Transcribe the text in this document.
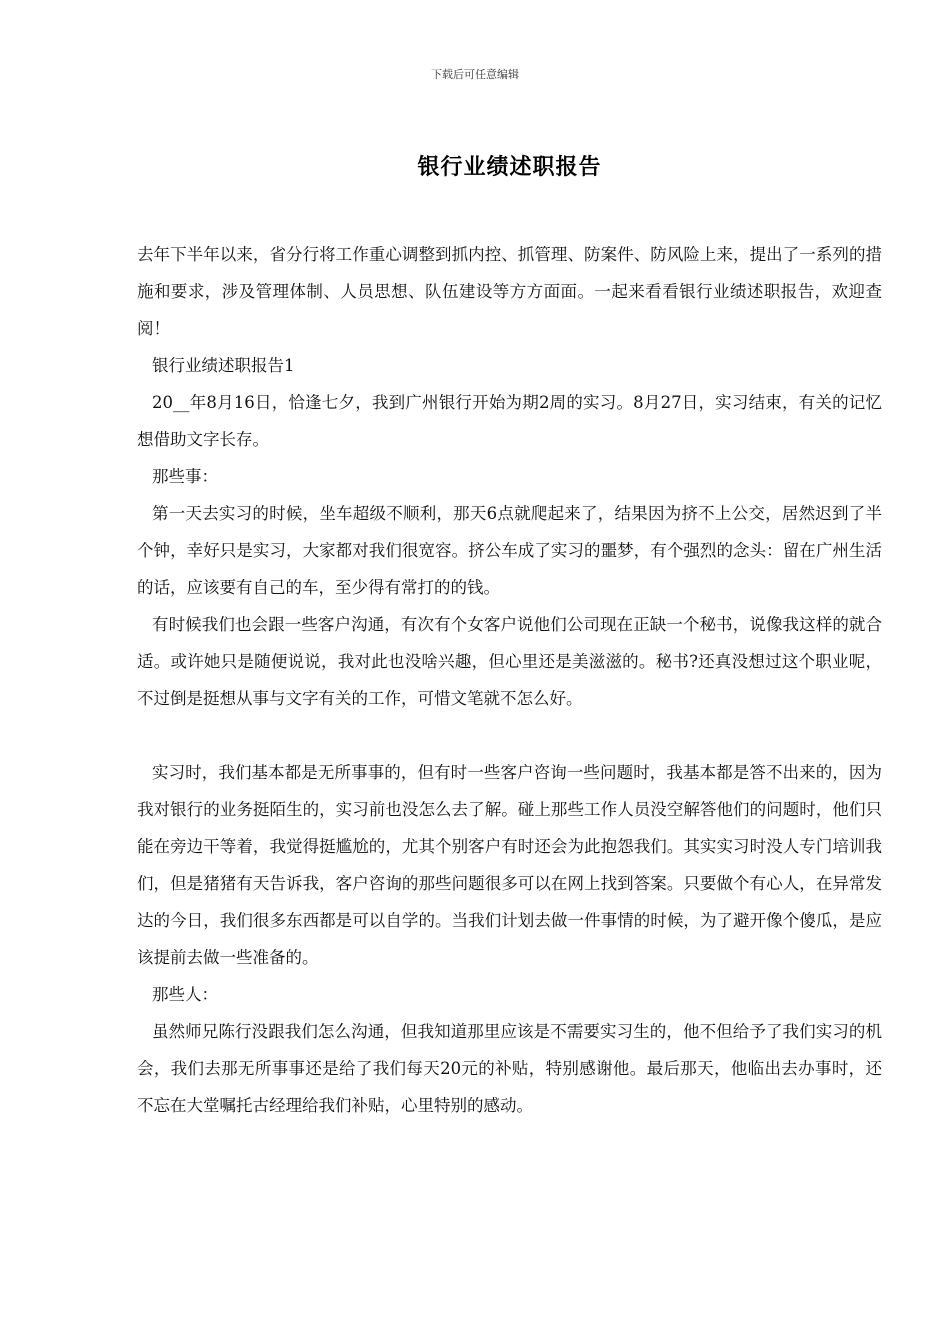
下载后可任意编辑
银行业绩述职报告

去年下半年以来，省分行将工作重心调整到抓内控、抓管理、防案件、防风险上来，提出了一系列的措施和要求，涉及管理体制、人员思想、队伍建设等方方面面。一起来看看银行业绩述职报告，欢迎查阅！

银行业绩述职报告1

20__年8月16日，恰逢七夕，我到广州银行开始为期2周的实习。8月27日，实习结束，有关的记忆想借助文字长存。

那些事：

第一天去实习的时候，坐车超级不顺利，那天6点就爬起来了，结果因为挤不上公交，居然迟到了半个钟，幸好只是实习，大家都对我们很宽容。挤公车成了实习的噩梦，有个强烈的念头：留在广州生活的话，应该要有自己的车，至少得有常打的的钱。

有时候我们也会跟一些客户沟通，有次有个女客户说他们公司现在正缺一个秘书，说像我这样的就合适。或许她只是随便说说，我对此也没啥兴趣，但心里还是美滋滋的。秘书?还真没想过这个职业呢，不过倒是挺想从事与文字有关的工作，可惜文笔就不怎么好。

实习时，我们基本都是无所事事的，但有时一些客户咨询一些问题时，我基本都是答不出来的，因为我对银行的业务挺陌生的，实习前也没怎么去了解。碰上那些工作人员没空解答他们的问题时，他们只能在旁边干等着，我觉得挺尴尬的，尤其个别客户有时还会为此抱怨我们。其实实习时没人专门培训我们，但是猪猪有天告诉我，客户咨询的那些问题很多可以在网上找到答案。只要做个有心人，在异常发达的今日，我们很多东西都是可以自学的。当我们计划去做一件事情的时候，为了避开像个傻瓜，是应该提前去做一些准备的。

那些人：

虽然师兄陈行没跟我们怎么沟通，但我知道那里应该是不需要实习生的，他不但给予了我们实习的机会，我们去那无所事事还是给了我们每天20元的补贴，特别感谢他。最后那天，他临出去办事时，还不忘在大堂嘱托古经理给我们补贴，心里特别的感动。
